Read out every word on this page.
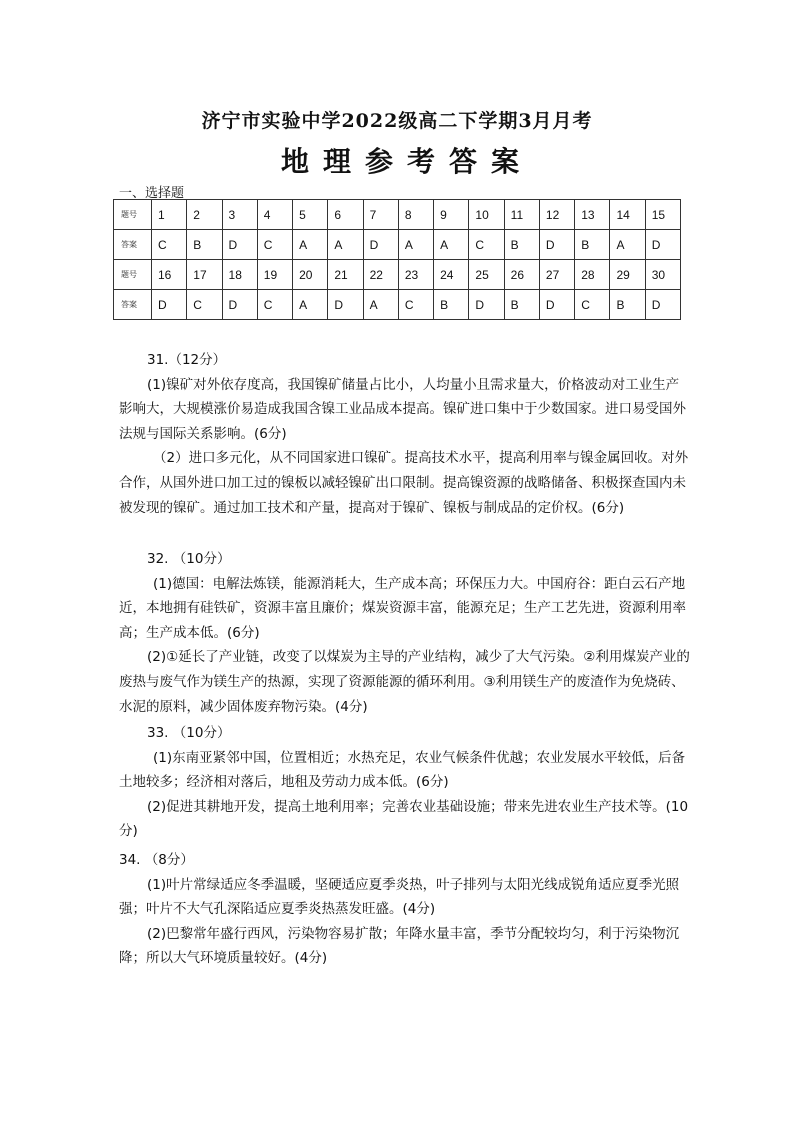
济宁市实验中学2022级高二下学期3月月考
地理参考答案
一、选择题
题号	1	2	3	4	5	6	7	8	9	10	11	12	13	14	15
答案	C	B	D	C	A	A	D	A	A	C	B	D	B	A	D
题号	16	17	18	19	20	21	22	23	24	25	26	27	28	29	30
答案	D	C	D	C	A	D	A	C	B	D	B	D	C	B	D

31.（12分）

(1)镍矿对外依存度高，我国镍矿储量占比小，人均量小且需求量大，价格波动对工业生产影响大，大规模涨价易造成我国含镍工业品成本提高。镍矿进口集中于少数国家。进口易受国外法规与国际关系影响。(6分)

（2）进口多元化，从不同国家进口镍矿。提高技术水平，提高利用率与镍金属回收。对外合作，从国外进口加工过的镍板以减轻镍矿出口限制。提高镍资源的战略储备、积极探查国内未被发现的镍矿。通过加工技术和产量，提高对于镍矿、镍板与制成品的定价权。(6分)

32. （10分）

(1)德国：电解法炼镁，能源消耗大，生产成本高；环保压力大。中国府谷：距白云石产地近，本地拥有硅铁矿，资源丰富且廉价；煤炭资源丰富，能源充足；生产工艺先进，资源利用率高；生产成本低。(6分)

(2)①延长了产业链，改变了以煤炭为主导的产业结构，减少了大气污染。②利用煤炭产业的废热与废气作为镁生产的热源，实现了资源能源的循环利用。③利用镁生产的废渣作为免烧砖、水泥的原料，减少固体废弃物污染。(4分)

33. （10分）

(1)东南亚紧邻中国，位置相近；水热充足，农业气候条件优越；农业发展水平较低，后备土地较多；经济相对落后，地租及劳动力成本低。(6分)

(2)促进其耕地开发，提高土地利用率；完善农业基础设施；带来先进农业生产技术等。(10分)

34. （8分）

(1)叶片常绿适应冬季温暖，坚硬适应夏季炎热，叶子排列与太阳光线成锐角适应夏季光照强；叶片不大气孔深陷适应夏季炎热蒸发旺盛。(4分)

(2)巴黎常年盛行西风，污染物容易扩散；年降水量丰富，季节分配较均匀，利于污染物沉降；所以大气环境质量较好。(4分)
